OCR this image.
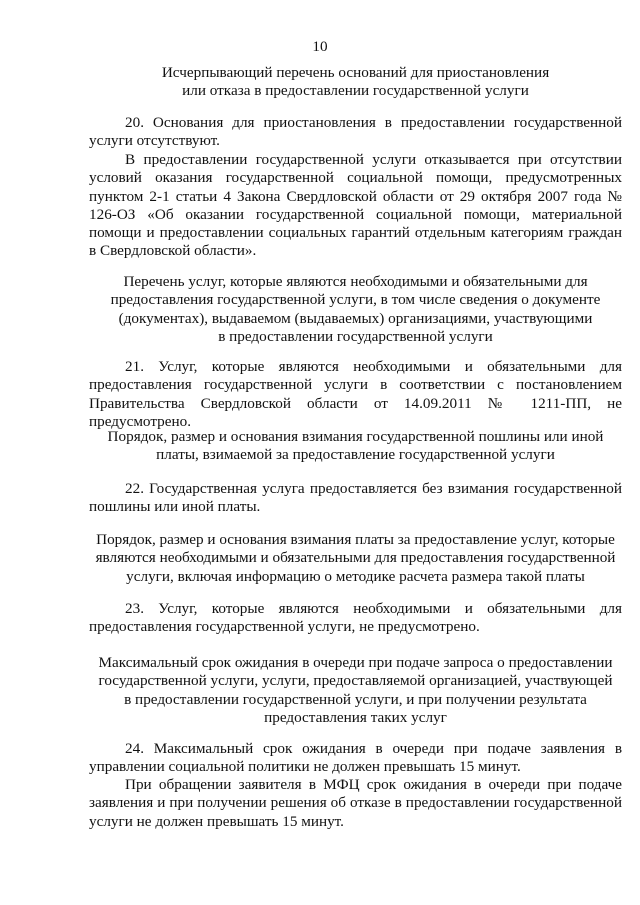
10
Исчерпывающий перечень оснований для приостановления
или отказа в предоставлении государственной услуги
20. Основания для приостановления в предоставлении государственной услуги отсутствуют.
В предоставлении государственной услуги отказывается при отсутствии условий оказания государственной социальной помощи, предусмотренных пунктом 2-1 статьи 4 Закона Свердловской области от 29 октября 2007 года № 126-ОЗ «Об оказании государственной социальной помощи, материальной помощи и предоставлении социальных гарантий отдельным категориям граждан в Свердловской области».
Перечень услуг, которые являются необходимыми и обязательными для
предоставления государственной услуги, в том числе сведения о документе
(документах), выдаваемом (выдаваемых) организациями, участвующими
в предоставлении государственной услуги
21. Услуг, которые являются необходимыми и обязательными для предоставления государственной услуги в соответствии с постановлением Правительства Свердловской области от 14.09.2011 № 1211-ПП, не предусмотрено.
Порядок, размер и основания взимания государственной пошлины или иной
платы, взимаемой за предоставление государственной услуги
22. Государственная услуга предоставляется без взимания государственной пошлины или иной платы.
Порядок, размер и основания взимания платы за предоставление услуг, которые
являются необходимыми и обязательными для предоставления государственной
услуги, включая информацию о методике расчета размера такой платы
23. Услуг, которые являются необходимыми и обязательными для предоставления государственной услуги, не предусмотрено.
Максимальный срок ожидания в очереди при подаче запроса о предоставлении
государственной услуги, услуги, предоставляемой организацией, участвующей
в предоставлении государственной услуги, и при получении результата
предоставления таких услуг
24. Максимальный срок ожидания в очереди при подаче заявления в управлении социальной политики не должен превышать 15 минут.
При обращении заявителя в МФЦ срок ожидания в очереди при подаче заявления и при получении решения об отказе в предоставлении государственной услуги не должен превышать 15 минут.
